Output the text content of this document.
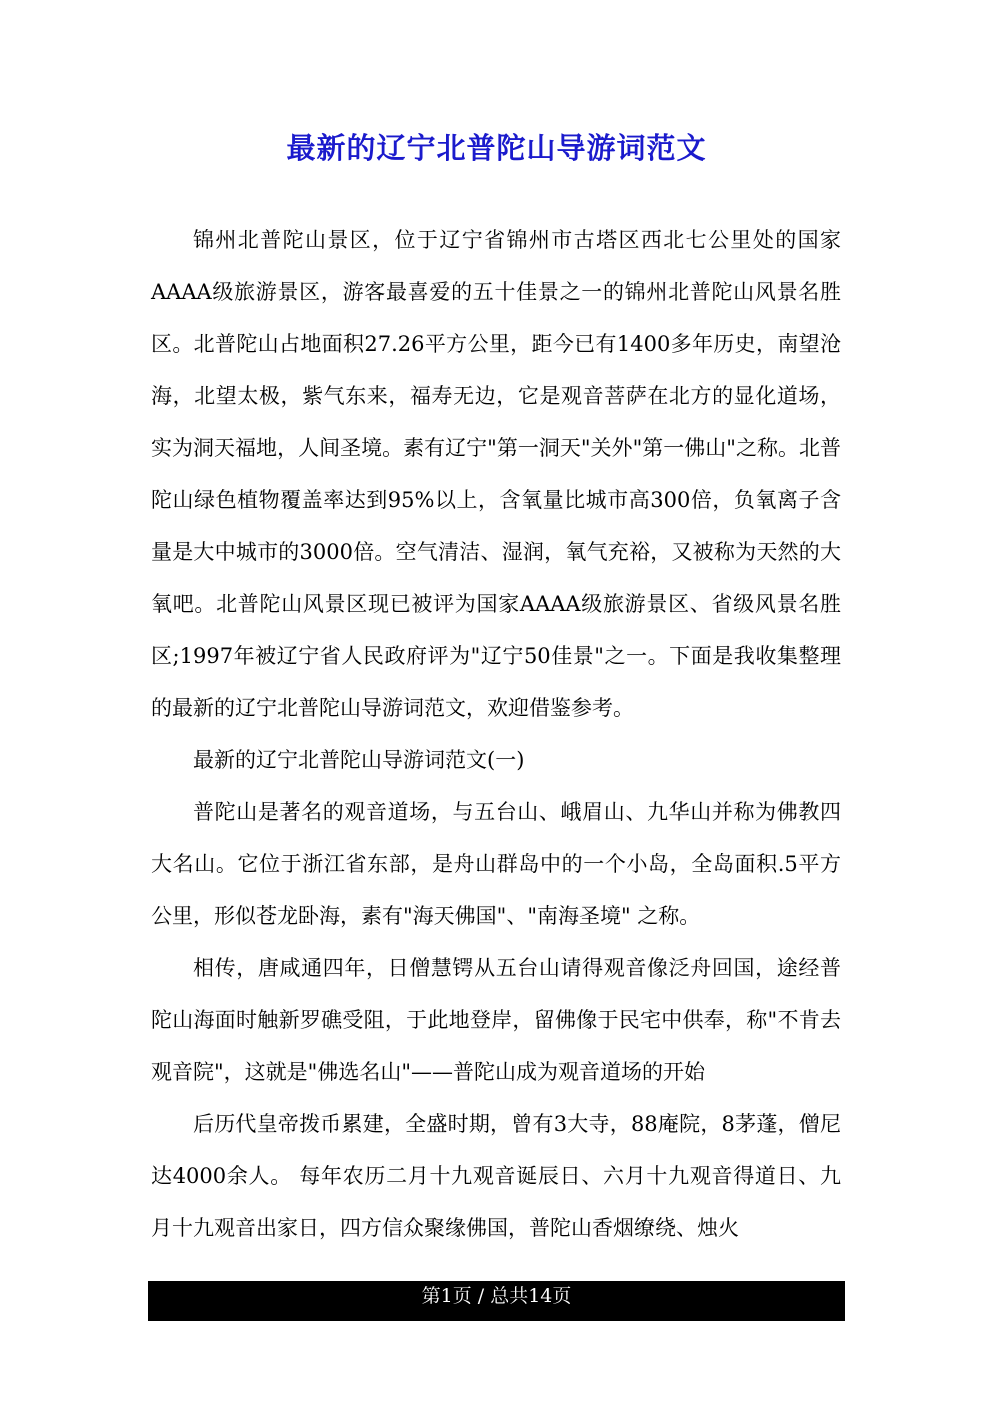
最新的辽宁北普陀山导游词范文

锦州北普陀山景区，位于辽宁省锦州市古塔区西北七公里处的国家AAAA级旅游景区，游客最喜爱的五十佳景之一的锦州北普陀山风景名胜区。北普陀山占地面积27.26平方公里，距今已有1400多年历史，南望沧海，北望太极，紫气东来，福寿无边，它是观音菩萨在北方的显化道场，实为洞天福地，人间圣境。素有辽宁"第一洞天"关外"第一佛山"之称。北普陀山绿色植物覆盖率达到95%以上，含氧量比城市高300倍，负氧离子含量是大中城市的3000倍。空气清洁、湿润，氧气充裕，又被称为天然的大氧吧。北普陀山风景区现已被评为国家AAAA级旅游景区、省级风景名胜区;1997年被辽宁省人民政府评为"辽宁50佳景"之一。下面是我收集整理的最新的辽宁北普陀山导游词范文，欢迎借鉴参考。

最新的辽宁北普陀山导游词范文(一)

普陀山是著名的观音道场，与五台山、峨眉山、九华山并称为佛教四大名山。它位于浙江省东部，是舟山群岛中的一个小岛，全岛面积.5平方公里，形似苍龙卧海，素有"海天佛国"、"南海圣境" 之称。

相传，唐咸通四年，日僧慧锷从五台山请得观音像泛舟回国，途经普陀山海面时触新罗礁受阻，于此地登岸，留佛像于民宅中供奉，称"不肯去观音院"，这就是"佛选名山"——普陀山成为观音道场的开始

后历代皇帝拨币累建，全盛时期，曾有3大寺，88庵院，8茅蓬，僧尼达4000余人。 每年农历二月十九观音诞辰日、六月十九观音得道日、九月十九观音出家日，四方信众聚缘佛国，普陀山香烟缭绕、烛火

第1页 / 总共14页
